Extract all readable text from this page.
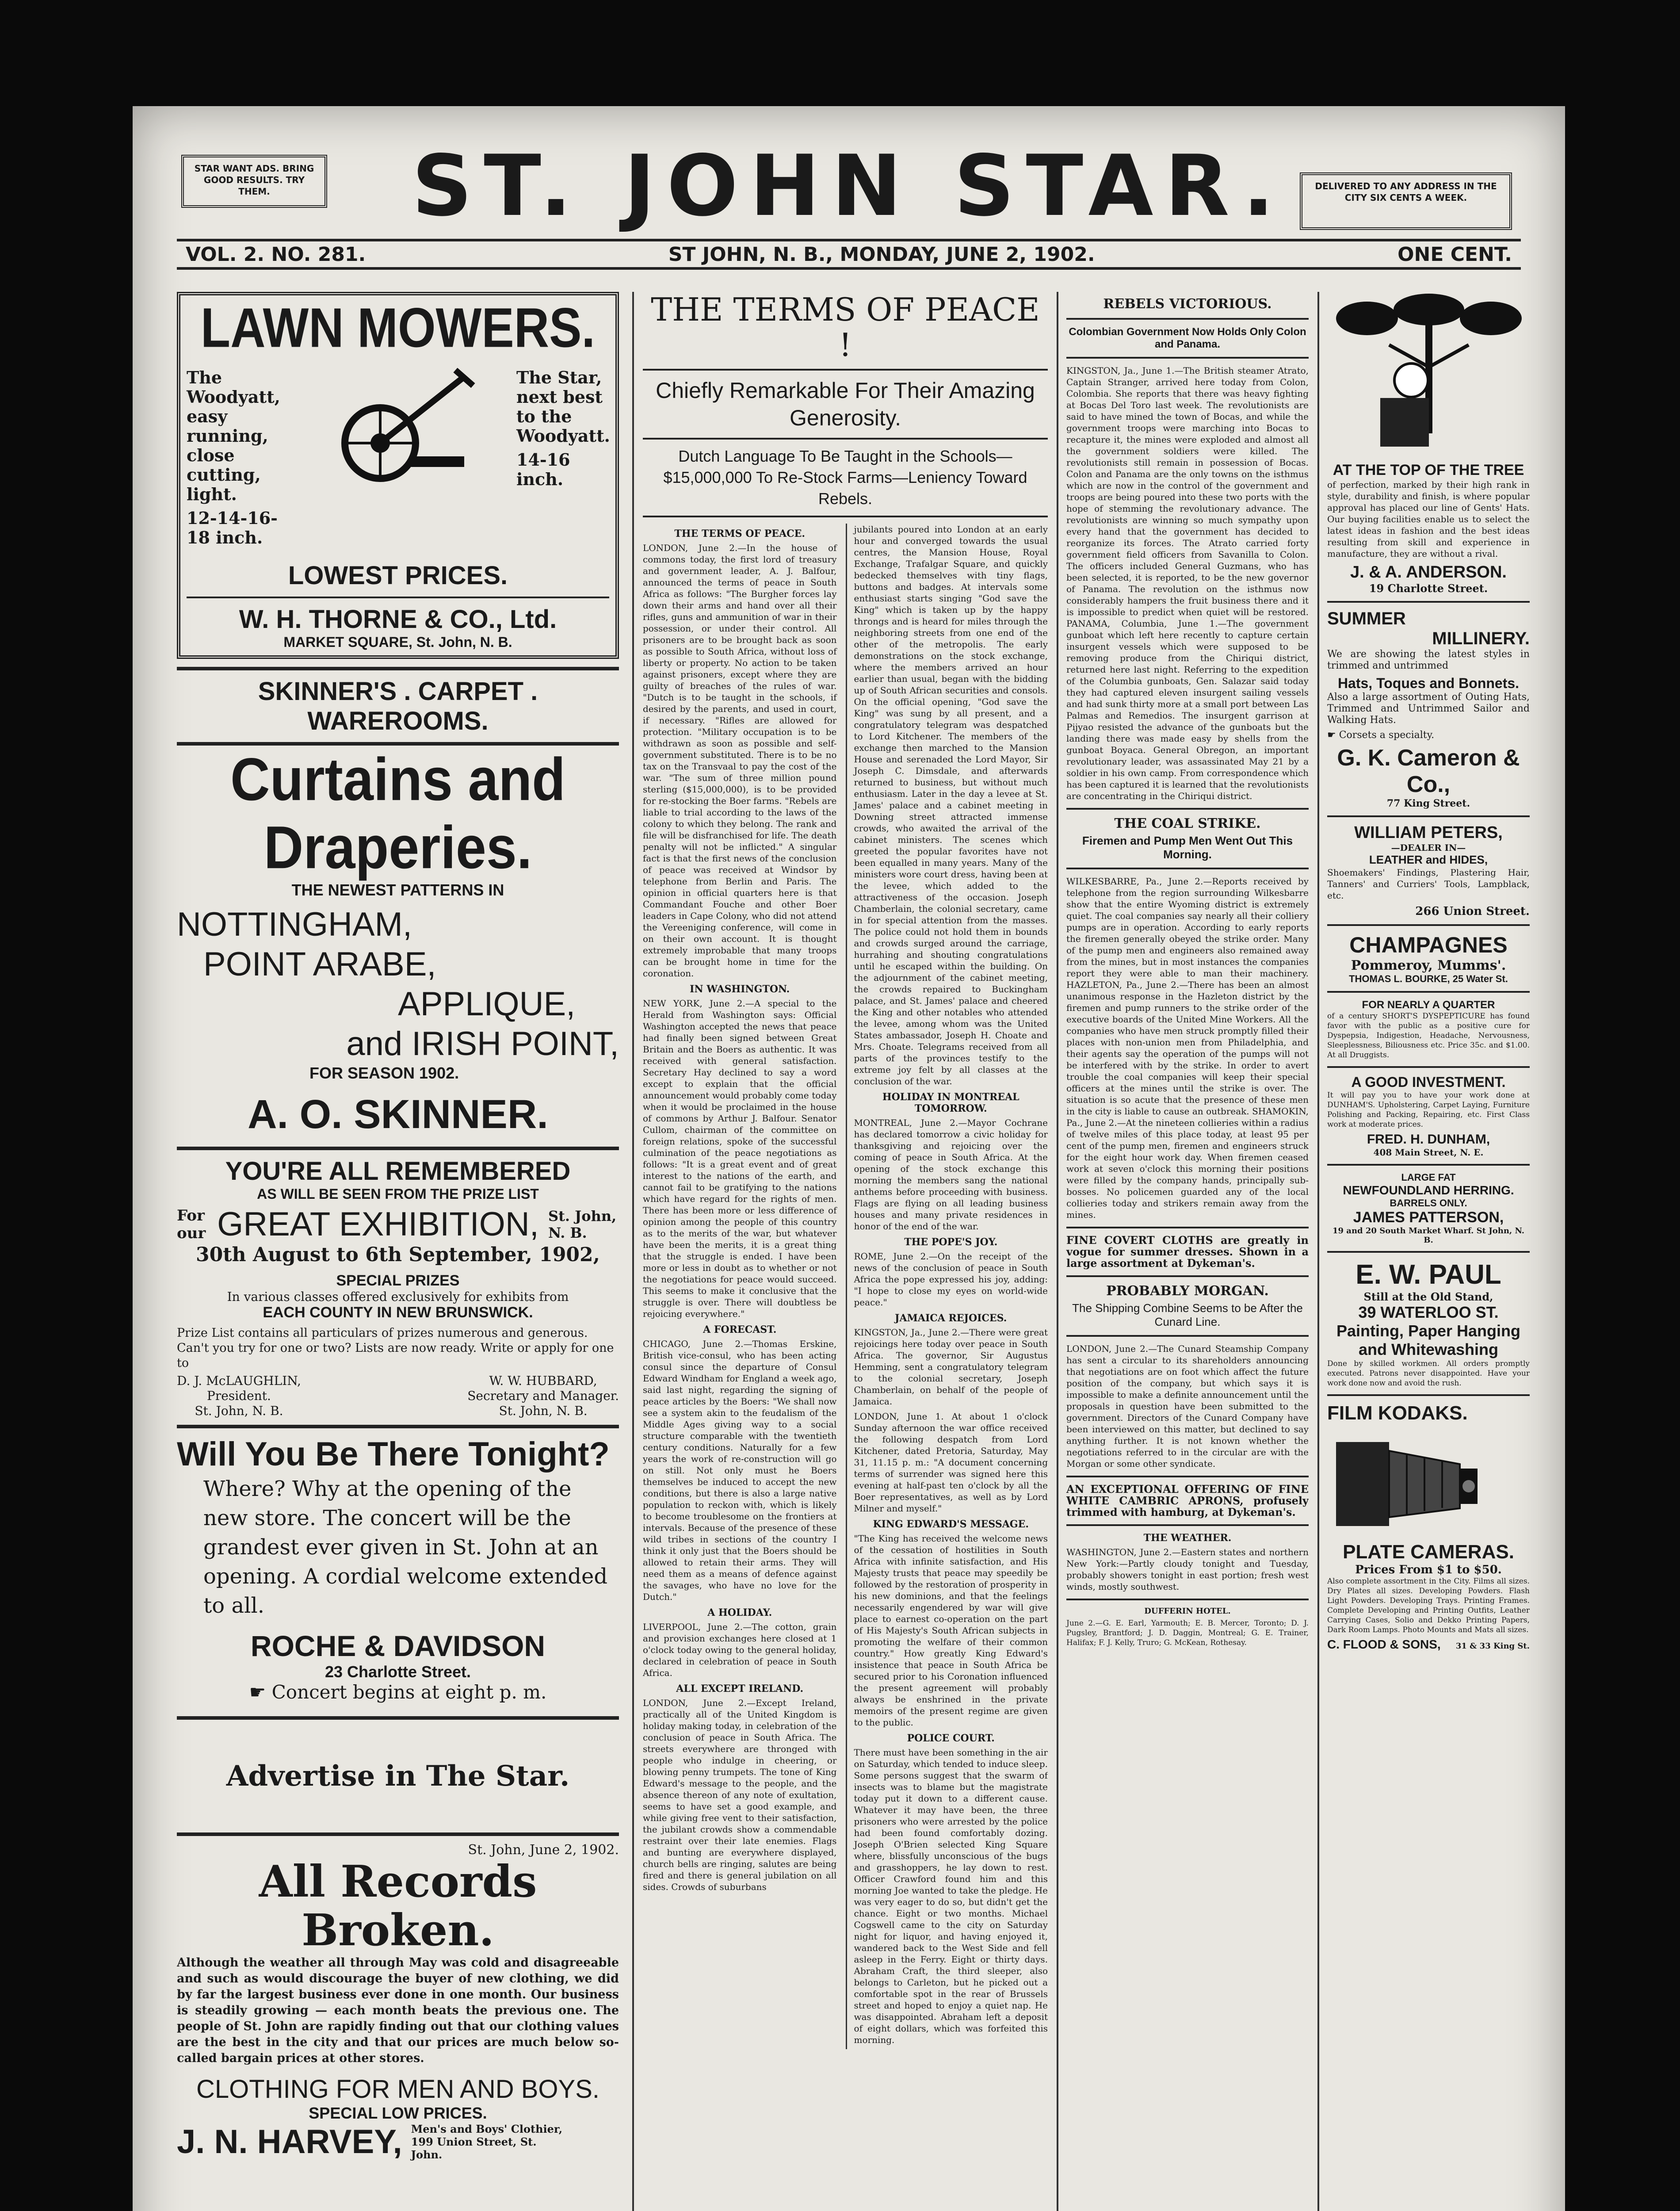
STAR WANT ADS. BRING GOOD RESULTS. TRY THEM.	ST. JOHN STAR.	DELIVERED TO ANY ADDRESS IN THE CITY SIX CENTS A WEEK.
VOL. 2. NO. 281.	ST JOHN, N. B., MONDAY, JUNE 2, 1902.	ONE CENT.
LAWN MOWERS.
The Woodyatt, easy running, close cutting, light.
12-14-16-18 inch.
The Star, next best to the Woodyatt.
14-16 inch.
LOWEST PRICES.
W. H. THORNE & CO., Ltd.
MARKET SQUARE, St. John, N. B.
SKINNER'S . CARPET . WAREROOMS.
Curtains and Draperies.
THE NEWEST PATTERNS IN
NOTTINGHAM,
POINT ARABE,
APPLIQUE,
and IRISH POINT,
FOR SEASON 1902.
A. O. SKINNER.
YOU'RE ALL REMEMBERED
AS WILL BE SEEN FROM THE PRIZE LIST
For our GREAT EXHIBITION, St. John, N. B.
30th August to 6th September, 1902,
SPECIAL PRIZES
In various classes offered exclusively for exhibits from
EACH COUNTY IN NEW BRUNSWICK.
Prize List contains all particulars of prizes numerous and generous. Can't you try for one or two? Lists are now ready. Write or apply for one to
D. J. McLAUGHLIN,
President.
St. John, N. B.
W. W. HUBBARD,
Secretary and Manager.
St. John, N. B.
Will You Be There Tonight?
Where? Why at the opening of the new store. The concert will be the grandest ever given in St. John at an opening. A cordial welcome extended to all.
ROCHE & DAVIDSON
23 Charlotte Street.
☛ Concert begins at eight p. m.
Advertise in The Star.
St. John, June 2, 1902.
All Records Broken.
Although the weather all through May was cold and disagreeable and such as would discourage the buyer of new clothing, we did by far the largest business ever done in one month. Our business is steadily growing — each month beats the previous one. The people of St. John are rapidly finding out that our clothing values are the best in the city and that our prices are much below so-called bargain prices at other stores.
CLOTHING FOR MEN AND BOYS.
SPECIAL LOW PRICES.
J. N. HARVEY, Men's and Boys' Clothier, 199 Union Street, St. John.
THE TERMS OF PEACE !
Chiefly Remarkable For Their Amazing Generosity.
Dutch Language To Be Taught in the Schools—$15,000,000 To Re-Stock Farms—Leniency Toward Rebels.
THE TERMS OF PEACE.

LONDON, June 2.—In the house of commons today, the first lord of treasury and government leader, A. J. Balfour, announced the terms of peace in South Africa as follows: "The Burgher forces lay down their arms and hand over all their rifles, guns and ammunition of war in their possession, or under their control. All prisoners are to be brought back as soon as possible to South Africa, without loss of liberty or property. No action to be taken against prisoners, except where they are guilty of breaches of the rules of war. "Dutch is to be taught in the schools, if desired by the parents, and used in court, if necessary. "Rifles are allowed for protection. "Military occupation is to be withdrawn as soon as possible and self-government substituted. There is to be no tax on the Transvaal to pay the cost of the war. "The sum of three million pound sterling ($15,000,000), is to be provided for re-stocking the Boer farms. "Rebels are liable to trial according to the laws of the colony to which they belong. The rank and file will be disfranchised for life. The death penalty will not be inflicted." A singular fact is that the first news of the conclusion of peace was received at Windsor by telephone from Berlin and Paris. The opinion in official quarters here is that Commandant Fouche and other Boer leaders in Cape Colony, who did not attend the Vereeniging conference, will come in on their own account. It is thought extremely improbable that many troops can be brought home in time for the coronation.

IN WASHINGTON.

NEW YORK, June 2.—A special to the Herald from Washington says: Official Washington accepted the news that peace had finally been signed between Great Britain and the Boers as authentic. It was received with general satisfaction. Secretary Hay declined to say a word except to explain that the official announcement would probably come today when it would be proclaimed in the house of commons by Arthur J. Balfour. Senator Cullom, chairman of the committee on foreign relations, spoke of the successful culmination of the peace negotiations as follows: "It is a great event and of great interest to the nations of the earth, and cannot fail to be gratifying to the nations which have regard for the rights of men. There has been more or less difference of opinion among the people of this country as to the merits of the war, but whatever have been the merits, it is a great thing that the struggle is ended. I have been more or less in doubt as to whether or not the negotiations for peace would succeed. This seems to make it conclusive that the struggle is over. There will doubtless be rejoicing everywhere."

A FORECAST.

CHICAGO, June 2.—Thomas Erskine, British vice-consul, who has been acting consul since the departure of Consul Edward Windham for England a week ago, said last night, regarding the signing of peace articles by the Boers: "We shall now see a system akin to the feudalism of the Middle Ages giving way to a social structure comparable with the twentieth century conditions. Naturally for a few years the work of re-construction will go on still. Not only must he Boers themselves be induced to accept the new conditions, but there is also a large native population to reckon with, which is likely to become troublesome on the frontiers at intervals. Because of the presence of these wild tribes in sections of the country I think it only just that the Boers should be allowed to retain their arms. They will need them as a means of defence against the savages, who have no love for the Dutch."

A HOLIDAY.

LIVERPOOL, June 2.—The cotton, grain and provision exchanges here closed at 1 o'clock today owing to the general holiday, declared in celebration of peace in South Africa.

ALL EXCEPT IRELAND.

LONDON, June 2.—Except Ireland, practically all of the United Kingdom is holiday making today, in celebration of the conclusion of peace in South Africa. The streets everywhere are thronged with people who indulge in cheering, or blowing penny trumpets. The tone of King Edward's message to the people, and the absence thereon of any note of exultation, seems to have set a good example, and while giving free vent to their satisfaction, the jubilant crowds show a commendable restraint over their late enemies. Flags and bunting are everywhere displayed, church bells are ringing, salutes are being fired and there is general jubilation on all sides. Crowds of suburbans

jubilants poured into London at an early hour and converged towards the usual centres, the Mansion House, Royal Exchange, Trafalgar Square, and quickly bedecked themselves with tiny flags, buttons and badges. At intervals some enthusiast starts singing "God save the King" which is taken up by the happy throngs and is heard for miles through the neighboring streets from one end of the other of the metropolis. The early demonstrations on the stock exchange, where the members arrived an hour earlier than usual, began with the bidding up of South African securities and consols. On the official opening, "God save the King" was sung by all present, and a congratulatory telegram was despatched to Lord Kitchener. The members of the exchange then marched to the Mansion House and serenaded the Lord Mayor, Sir Joseph C. Dimsdale, and afterwards returned to business, but without much enthusiasm. Later in the day a levee at St. James' palace and a cabinet meeting in Downing street attracted immense crowds, who awaited the arrival of the cabinet ministers. The scenes which greeted the popular favorites have not been equalled in many years. Many of the ministers wore court dress, having been at the levee, which added to the attractiveness of the occasion. Joseph Chamberlain, the colonial secretary, came in for special attention from the masses. The police could not hold them in bounds and crowds surged around the carriage, hurrahing and shouting congratulations until he escaped within the building. On the adjournment of the cabinet meeting, the crowds repaired to Buckingham palace, and St. James' palace and cheered the King and other notables who attended the levee, among whom was the United States ambassador, Joseph H. Choate and Mrs. Choate. Telegrams received from all parts of the provinces testify to the extreme joy felt by all classes at the conclusion of the war.

HOLIDAY IN MONTREAL TOMORROW.

MONTREAL, June 2.—Mayor Cochrane has declared tomorrow a civic holiday for thanksgiving and rejoicing over the coming of peace in South Africa. At the opening of the stock exchange this morning the members sang the national anthems before proceeding with business. Flags are flying on all leading business houses and many private residences in honor of the end of the war.

THE POPE'S JOY.

ROME, June 2.—On the receipt of the news of the conclusion of peace in South Africa the pope expressed his joy, adding: "I hope to close my eyes on world-wide peace."

JAMAICA REJOICES.

KINGSTON, Ja., June 2.—There were great rejoicings here today over peace in South Africa. The governor, Sir Augustus Hemming, sent a congratulatory telegram to the colonial secretary, Joseph Chamberlain, on behalf of the people of Jamaica.

LONDON, June 1. At about 1 o'clock Sunday afternoon the war office received the following despatch from Lord Kitchener, dated Pretoria, Saturday, May 31, 11.15 p. m.: "A document concerning terms of surrender was signed here this evening at half-past ten o'clock by all the Boer representatives, as well as by Lord Milner and myself."

KING EDWARD'S MESSAGE.

"The King has received the welcome news of the cessation of hostilities in South Africa with infinite satisfaction, and His Majesty trusts that peace may speedily be followed by the restoration of prosperity in his new dominions, and that the feelings necessarily engendered by war will give place to earnest co-operation on the part of His Majesty's South African subjects in promoting the welfare of their common country." How greatly King Edward's insistence that peace in South Africa be secured prior to his Coronation influenced the present agreement will probably always be enshrined in the private memoirs of the present regime are given to the public.

POLICE COURT.

There must have been something in the air on Saturday, which tended to induce sleep. Some persons suggest that the swarm of insects was to blame but the magistrate today put it down to a different cause. Whatever it may have been, the three prisoners who were arrested by the police had been found comfortably dozing. Joseph O'Brien selected King Square where, blissfully unconscious of the bugs and grasshoppers, he lay down to rest. Officer Crawford found him and this morning Joe wanted to take the pledge. He was very eager to do so, but didn't get the chance. Eight or two months. Michael Cogswell came to the city on Saturday night for liquor, and having enjoyed it, wandered back to the West Side and fell asleep in the Ferry. Eight or thirty days. Abraham Craft, the third sleeper, also belongs to Carleton, but he picked out a comfortable spot in the rear of Brussels street and hoped to enjoy a quiet nap. He was disappointed. Abraham left a deposit of eight dollars, which was forfeited this morning.

REBELS VICTORIOUS.
Colombian Government Now Holds Only Colon and Panama.

KINGSTON, Ja., June 1.—The British steamer Atrato, Captain Stranger, arrived here today from Colon, Colombia. She reports that there was heavy fighting at Bocas Del Toro last week. The revolutionists are said to have mined the town of Bocas, and while the government troops were marching into Bocas to recapture it, the mines were exploded and almost all the government soldiers were killed. The revolutionists still remain in possession of Bocas. Colon and Panama are the only towns on the isthmus which are now in the control of the government and troops are being poured into these two ports with the hope of stemming the revolutionary advance. The revolutionists are winning so much sympathy upon every hand that the government has decided to reorganize its forces. The Atrato carried forty government field officers from Savanilla to Colon. The officers included General Guzmans, who has been selected, it is reported, to be the new governor of Panama. The revolution on the isthmus now considerably hampers the fruit business there and it is impossible to predict when quiet will be restored. PANAMA, Columbia, June 1.—The government gunboat which left here recently to capture certain insurgent vessels which were supposed to be removing produce from the Chiriqui district, returned here last night. Referring to the expedition of the Columbia gunboats, Gen. Salazar said today they had captured eleven insurgent sailing vessels and had sunk thirty more at a small port between Las Palmas and Remedios. The insurgent garrison at Pijyao resisted the advance of the gunboats but the landing there was made easy by shells from the gunboat Boyaca. General Obregon, an important revolutionary leader, was assassinated May 21 by a soldier in his own camp. From correspondence which has been captured it is learned that the revolutionists are concentrating in the Chiriqui district.

THE COAL STRIKE.
Firemen and Pump Men Went Out This Morning.

WILKESBARRE, Pa., June 2.—Reports received by telephone from the region surrounding Wilkesbarre show that the entire Wyoming district is extremely quiet. The coal companies say nearly all their colliery pumps are in operation. According to early reports the firemen generally obeyed the strike order. Many of the pump men and engineers also remained away from the mines, but in most instances the companies report they were able to man their machinery. HAZLETON, Pa., June 2.—There has been an almost unanimous response in the Hazleton district by the firemen and pump runners to the strike order of the executive boards of the United Mine Workers. All the companies who have men struck promptly filled their places with non-union men from Philadelphia, and their agents say the operation of the pumps will not be interfered with by the strike. In order to avert trouble the coal companies will keep their special officers at the mines until the strike is over. The situation is so acute that the presence of these men in the city is liable to cause an outbreak. SHAMOKIN, Pa., June 2.—At the nineteen collieries within a radius of twelve miles of this place today, at least 95 per cent of the pump men, firemen and engineers struck for the eight hour work day. When firemen ceased work at seven o'clock this morning their positions were filled by the company hands, principally sub-bosses. No policemen guarded any of the local collieries today and strikers remain away from the mines.

FINE COVERT CLOTHS are greatly in vogue for summer dresses. Shown in a large assortment at Dykeman's.

PROBABLY MORGAN.
The Shipping Combine Seems to be After the Cunard Line.

LONDON, June 2.—The Cunard Steamship Company has sent a circular to its shareholders announcing that negotiations are on foot which affect the future position of the company, but which says it is impossible to make a definite announcement until the proposals in question have been submitted to the government. Directors of the Cunard Company have been interviewed on this matter, but declined to say anything further. It is not known whether the negotiations referred to in the circular are with the Morgan or some other syndicate.

AN EXCEPTIONAL OFFERING OF FINE WHITE CAMBRIC APRONS, profusely trimmed with hamburg, at Dykeman's.

THE WEATHER.

WASHINGTON, June 2.—Eastern states and northern New York:—Partly cloudy tonight and Tuesday, probably showers tonight in east portion; fresh west winds, mostly southwest.

DUFFERIN HOTEL.

June 2.—G. E. Earl, Yarmouth; E. B. Mercer, Toronto; D. J. Pugsley, Brantford; J. D. Daggin, Montreal; G. E. Trainer, Halifax; F. J. Kelly, Truro; G. McKean, Rothesay.

AT THE TOP OF THE TREE

of perfection, marked by their high rank in style, durability and finish, is where popular approval has placed our line of Gents' Hats. Our buying facilities enable us to select the latest ideas in fashion and the best ideas resulting from skill and experience in manufacture, they are without a rival.

J. & A. ANDERSON.
19 Charlotte Street.
SUMMER
MILLINERY.

We are showing the latest styles in trimmed and untrimmed

Hats, Toques and Bonnets.

Also a large assortment of Outing Hats, Trimmed and Untrimmed Sailor and Walking Hats.

☛ Corsets a specialty.
G. K. Cameron & Co.,
77 King Street.
WILLIAM PETERS,
—DEALER IN—
LEATHER and HIDES,

Shoemakers' Findings, Plastering Hair, Tanners' and Curriers' Tools, Lampblack, etc.

266 Union Street.
CHAMPAGNES
Pommeroy, Mumms'.
THOMAS L. BOURKE, 25 Water St.
FOR NEARLY A QUARTER

of a century SHORT'S DYSPEPTICURE has found favor with the public as a positive cure for Dyspepsia, Indigestion, Headache, Nervousness, Sleeplessness, Biliousness etc. Price 35c. and $1.00. At all Druggists.

A GOOD INVESTMENT.

It will pay you to have your work done at DUNHAM'S. Upholstering, Carpet Laying, Furniture Polishing and Packing, Repairing, etc. First Class work at moderate prices.

FRED. H. DUNHAM,
408 Main Street, N. E.
LARGE FAT
NEWFOUNDLAND HERRING.
BARRELS ONLY.
JAMES PATTERSON,
19 and 20 South Market Wharf. St John, N. B.
E. W. PAUL
Still at the Old Stand,
39 WATERLOO ST.
Painting, Paper Hanging
and Whitewashing

Done by skilled workmen. All orders promptly executed. Patrons never disappointed. Have your work done now and avoid the rush.

FILM KODAKS.
PLATE CAMERAS.
Prices From $1 to $50.

Also complete assortment in the City. Films all sizes. Dry Plates all sizes. Developing Powders. Flash Light Powders. Developing Trays. Printing Frames. Complete Developing and Printing Outfits, Leather Carrying Cases, Solio and Dekko Printing Papers, Dark Room Lamps. Photo Mounts and Mats all sizes.

C. FLOOD & SONS, 31 & 33 King St.
